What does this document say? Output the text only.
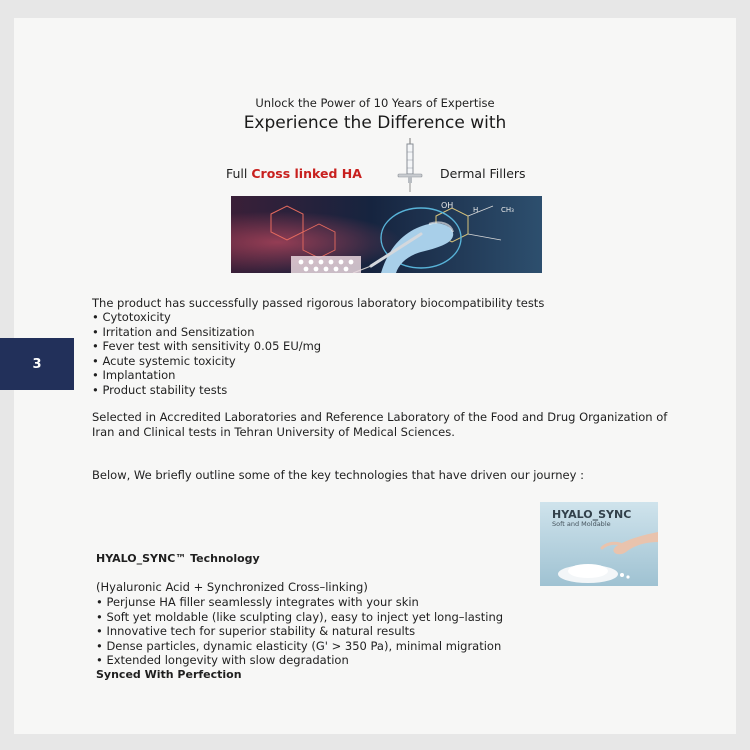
Unlock the Power of 10 Years of Expertise
Experience the Difference with
Full Cross linked HA	Dermal Fillers
OH	H	CH₃
The product has successfully passed rigorous laboratory biocompatibility tests
• Cytotoxicity
• Irritation and Sensitization
• Fever test with sensitivity 0.05 EU/mg
• Acute systemic toxicity
• Implantation
• Product stability tests
3
Selected in Accredited Laboratories and Reference Laboratory of the Food and Drug Organization of Iran and Clinical tests in Tehran University of Medical Sciences.
Below, We briefly outline some of the key technologies that have driven our journey :
HYALO_SYNC
Soft and Moldable
HYALO_SYNC™ Technology
(Hyaluronic Acid + Synchronized Cross–linking)
• Perjunse HA filler seamlessly integrates with your skin
• Soft yet moldable (like sculpting clay), easy to inject yet long–lasting
• Innovative tech for superior stability & natural results
• Dense particles, dynamic elasticity (G' > 350 Pa), minimal migration
• Extended longevity with slow degradation
Synced With Perfection
